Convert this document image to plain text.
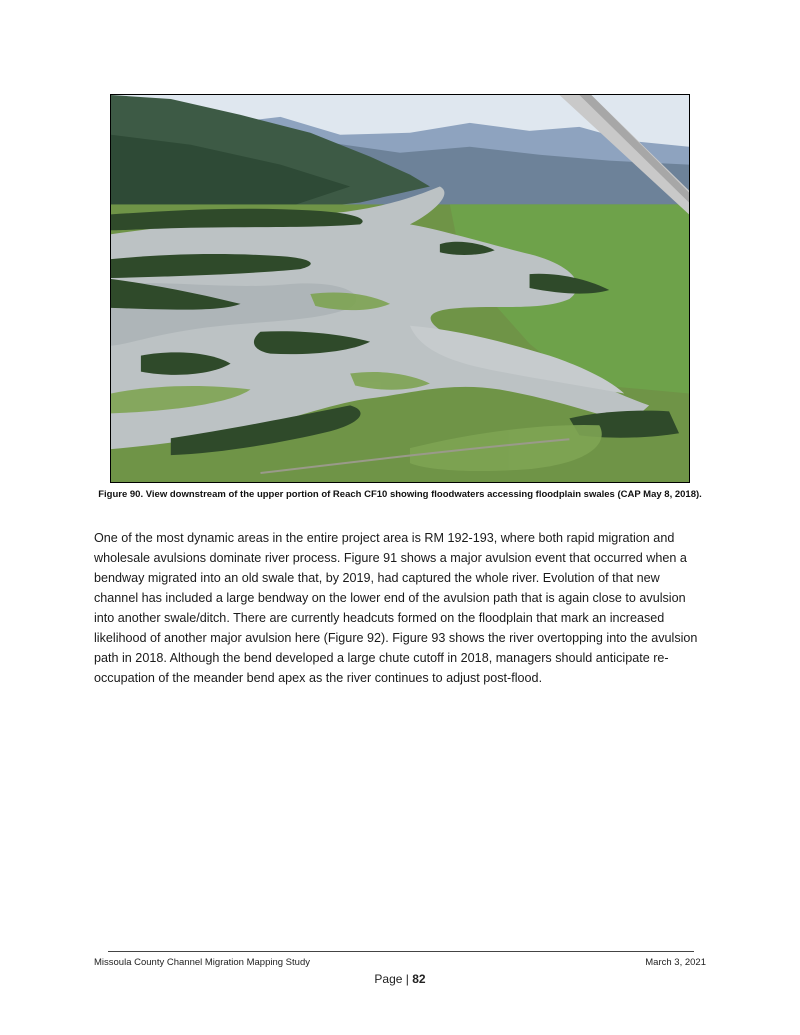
Figure 90. View downstream of the upper portion of Reach CF10 showing floodwaters accessing floodplain swales (CAP May 8, 2018).

One of the most dynamic areas in the entire project area is RM 192-193, where both rapid migration and wholesale avulsions dominate river process. Figure 91 shows a major avulsion event that occurred when a bendway migrated into an old swale that, by 2019, had captured the whole river. Evolution of that new channel has included a large bendway on the lower end of the avulsion path that is again close to avulsion into another swale/ditch. There are currently headcuts formed on the floodplain that mark an increased likelihood of another major avulsion here (Figure 92). Figure 93 shows the river overtopping into the avulsion path in 2018. Although the bend developed a large chute cutoff in 2018, managers should anticipate re-occupation of the meander bend apex as the river continues to adjust post-flood.

Missoula County Channel Migration Mapping Study	March 3, 2021
Page | 82
